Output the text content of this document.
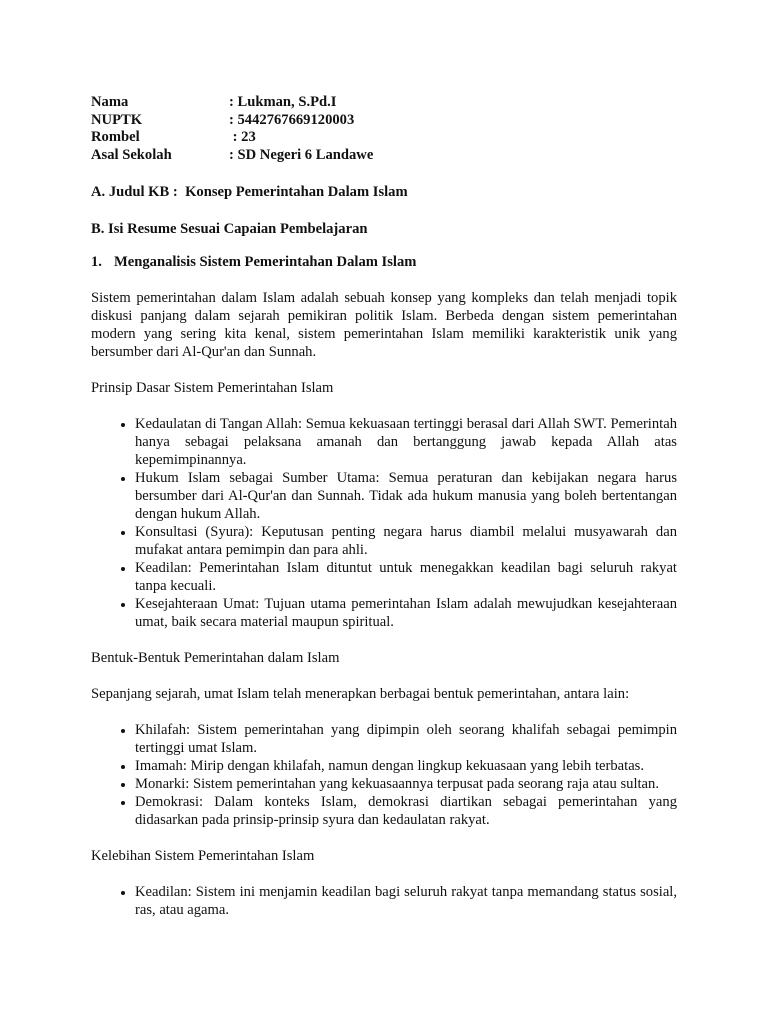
Nama	: Lukman, S.Pd.I
NUPTK	: 5442767669120003
Rombel	: 23
Asal Sekolah	: SD Negeri 6 Landawe
A. Judul KB :  Konsep Pemerintahan Dalam Islam
B. Isi Resume Sesuai Capaian Pembelajaran
1. Menganalisis Sistem Pemerintahan Dalam Islam

Sistem pemerintahan dalam Islam adalah sebuah konsep yang kompleks dan telah menjadi topik diskusi panjang dalam sejarah pemikiran politik Islam. Berbeda dengan sistem pemerintahan modern yang sering kita kenal, sistem pemerintahan Islam memiliki karakteristik unik yang bersumber dari Al-Qur'an dan Sunnah.

Prinsip Dasar Sistem Pemerintahan Islam

• Kedaulatan di Tangan Allah: Semua kekuasaan tertinggi berasal dari Allah SWT. Pemerintah hanya sebagai pelaksana amanah dan bertanggung jawab kepada Allah atas kepemimpinannya.
• Hukum Islam sebagai Sumber Utama: Semua peraturan dan kebijakan negara harus bersumber dari Al-Qur'an dan Sunnah. Tidak ada hukum manusia yang boleh bertentangan dengan hukum Allah.
• Konsultasi (Syura): Keputusan penting negara harus diambil melalui musyawarah dan mufakat antara pemimpin dan para ahli.
• Keadilan: Pemerintahan Islam dituntut untuk menegakkan keadilan bagi seluruh rakyat tanpa kecuali.
• Kesejahteraan Umat: Tujuan utama pemerintahan Islam adalah mewujudkan kesejahteraan umat, baik secara material maupun spiritual.

Bentuk-Bentuk Pemerintahan dalam Islam

Sepanjang sejarah, umat Islam telah menerapkan berbagai bentuk pemerintahan, antara lain:

• Khilafah: Sistem pemerintahan yang dipimpin oleh seorang khalifah sebagai pemimpin tertinggi umat Islam.
• Imamah: Mirip dengan khilafah, namun dengan lingkup kekuasaan yang lebih terbatas.
• Monarki: Sistem pemerintahan yang kekuasaannya terpusat pada seorang raja atau sultan.
• Demokrasi: Dalam konteks Islam, demokrasi diartikan sebagai pemerintahan yang didasarkan pada prinsip-prinsip syura dan kedaulatan rakyat.

Kelebihan Sistem Pemerintahan Islam

• Keadilan: Sistem ini menjamin keadilan bagi seluruh rakyat tanpa memandang status sosial, ras, atau agama.
